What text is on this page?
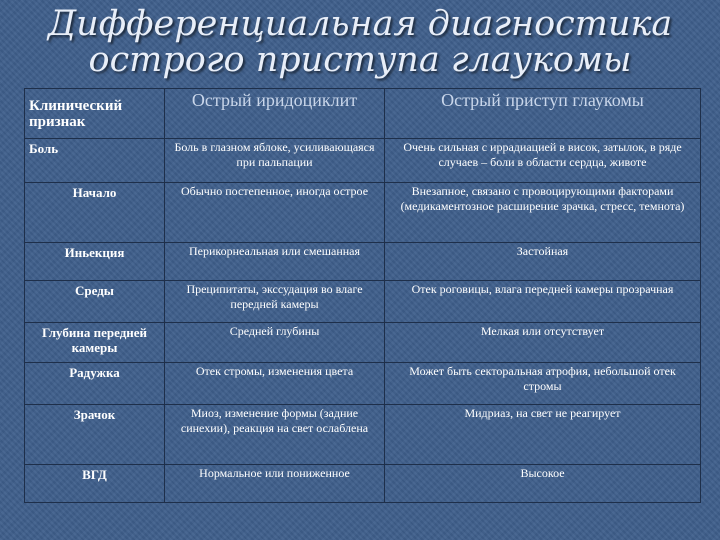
Дифференциальная диагностика
острого приступа глаукомы
Клинический признак	Острый иридоциклит	Острый приступ глаукомы
Боль	Боль в глазном яблоке, усиливающаяся при пальпации	Очень сильная с иррадиацией в висок, затылок, в ряде случаев – боли в области сердца, животе
Начало	Обычно постепенное, иногда острое	Внезапное, связано с провоцирующими факторами (медикаментозное расширение зрачка, стресс, темнота)
Иньекция	Перикорнеальная или смешанная	Застойная
Среды	Преципитаты, экссудация во влаге передней камеры	Отек роговицы, влага передней камеры прозрачная
Глубина передней камеры	Средней глубины	Мелкая или отсутствует
Радужка	Отек стромы, изменения цвета	Может быть секторальная атрофия, небольшой отек стромы
Зрачок	Миоз, изменение формы (задние синехии), реакция на свет ослаблена	Мидриаз, на свет не реагирует
ВГД	Нормальное или пониженное	Высокое
